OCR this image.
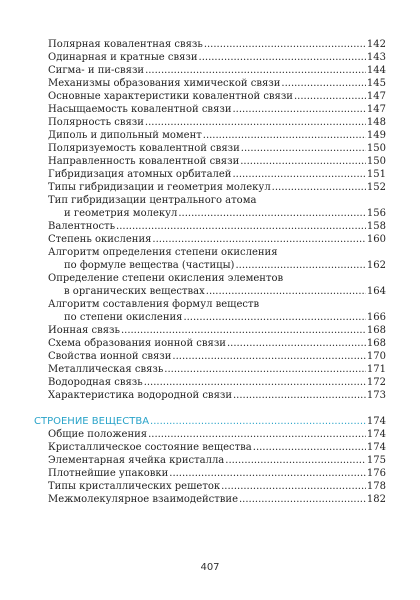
Полярная ковалентная связь .....	142
Одинарная и кратные связи .....	143
Сигма- и пи-связи .....	144
Механизмы образования химической связи .....	145
Основные характеристики ковалентной связи .....	147
Насыщаемость ковалентной связи .....	147
Полярность связи .....	148
Диполь и дипольный момент .....	149
Поляризуемость ковалентной связи .....	150
Направленность ковалентной связи .....	150
Гибридизация атомных орбиталей .....	151
Типы гибридизации и геометрия молекул .....	152
Тип гибридизации центрального атома
и геометрия молекул .....	156
Валентность .....	158
Степень окисления .....	160
Алгоритм определения степени окисления
по формуле вещества (частицы) .....	162
Определение степени окисления элементов
в органических веществах .....	164
Алгоритм составления формул веществ
по степени окисления .....	166
Ионная связь .....	168
Схема образования ионной связи .....	168
Свойства ионной связи .....	170
Металлическая связь .....	171
Водородная связь .....	172
Характеристика водородной связи .....	173
СТРОЕНИЕ ВЕЩЕСТВА .....	174
Общие положения .....	174
Кристаллическое состояние вещества .....	174
Элементарная ячейка кристалла .....	175
Плотнейшие упаковки .....	176
Типы кристаллических решеток .....	178
Межмолекулярное взаимодействие .....	182
407
